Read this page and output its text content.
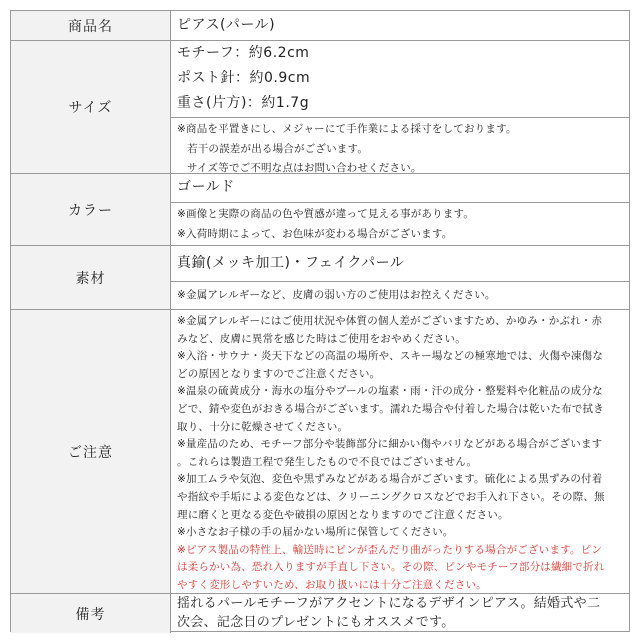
商品名	ピアス(パール)
サイズ
モチーフ：約6.2cm
ポスト針：約0.9cm
重さ(片方)：約1.7g
※商品を平置きにし、メジャーにて手作業による採寸をしております。
若干の誤差が出る場合がございます。
サイズ等でご不明な点はお問い合わせください。
カラー
ゴールド
※画像と実際の商品の色や質感が違って見える事があります。
※入荷時期によって、お色味が変わる場合がございます。
素材
真鍮(メッキ加工)・フェイクパール
※金属アレルギーなど、皮膚の弱い方のご使用はお控えください。
ご注意
※金属アレルギーにはご使用状況や体質の個人差がございますため、かゆみ・かぶれ・赤
みなど、皮膚に異常を感じた時はご使用をおやめください。
※入浴・サウナ・炎天下などの高温の場所や、スキー場などの極寒地では、火傷や凍傷な
どの原因となりますのでご注意ください。
※温泉の硫黄成分・海水の塩分やプールの塩素・雨・汗の成分・整髪料や化粧品の成分な
どで、錆や変色がおきる場合がございます。濡れた場合や付着した場合は乾いた布で拭き
取り、十分に乾燥させてください。
※量産品のため、モチーフ部分や装飾部分に細かい傷やバリなどがある場合がございます
。これらは製造工程で発生したもので不良ではございません。
※加工ムラや気泡、変色や黒ずみなどがある場合がございます。硫化による黒ずみの付着
や指紋や手垢による変色などは、クリーニングクロスなどでお手入れ下さい。その際、無
理に磨くと更なる変色や破損の原因となりますのでご注意ください。
※小さなお子様の手の届かない場所に保管してください。
※ピアス製品の特性上、輸送時にピンが歪んだり曲がったりする場合がございます。ピン
は柔らかい為、恐れ入りますが手直し下さい。その際、ピンやモチーフ部分は繊細で折れ
やすく変形しやすいため、お取り扱いには十分ご注意ください。
備考
揺れるパールモチーフがアクセントになるデザインピアス。結婚式や二
次会、記念日のプレゼントにもオススメです。
